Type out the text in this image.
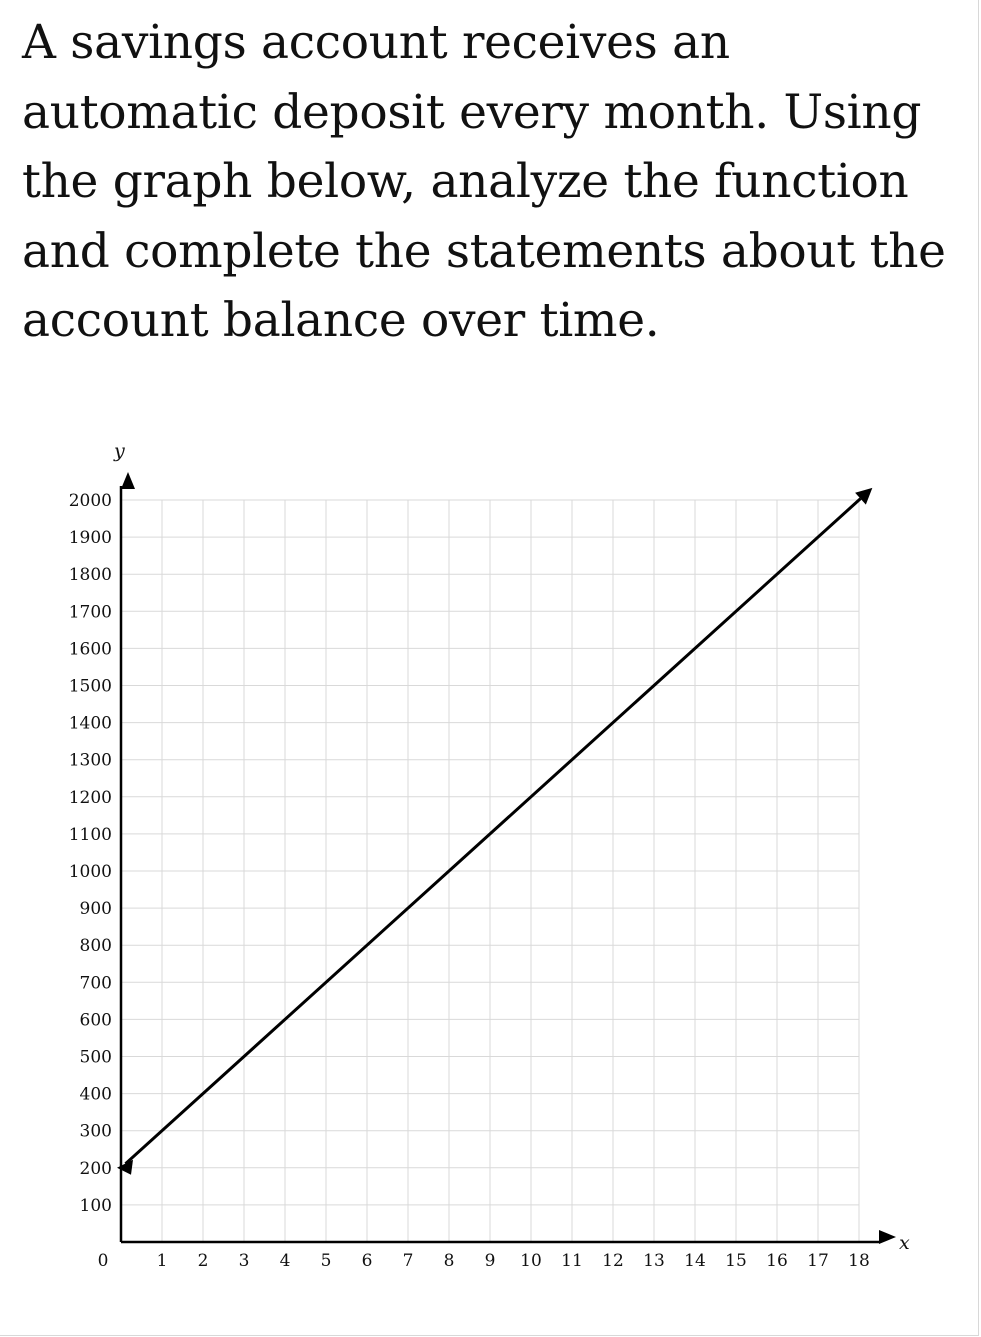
A savings account receives an automatic deposit every month. Using the graph below, analyze the function and complete the statements about the account balance over time.
0	1 2 3 4 5 6 7 8 9 10 11 12 13 14 15 16 17 18
100
200
300
400
500
600
700
800
900
1000
1100
1200
1300
1400
1500
1600
1700
1800
1900
2000
x
y
